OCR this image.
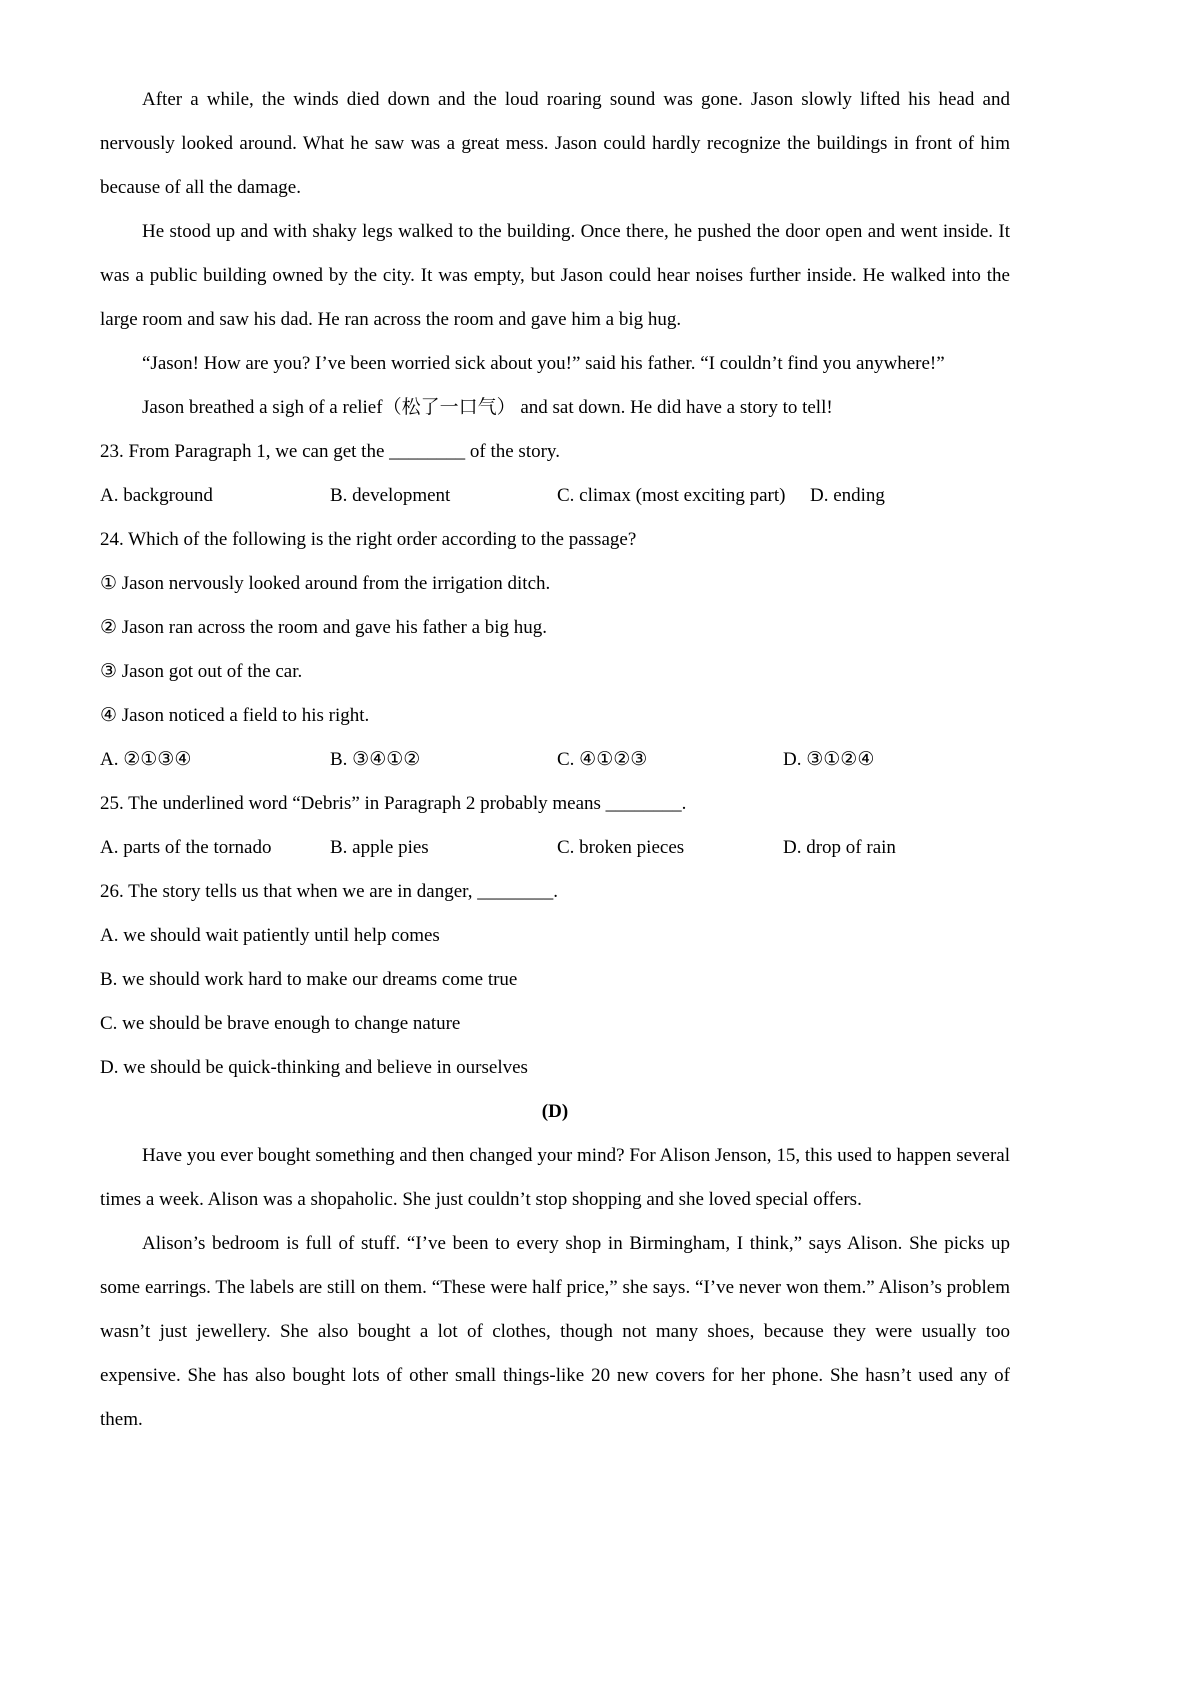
After a while, the winds died down and the loud roaring sound was gone. Jason slowly lifted his head and nervously looked around. What he saw was a great mess. Jason could hardly recognize the buildings in front of him because of all the damage.

He stood up and with shaky legs walked to the building. Once there, he pushed the door open and went inside. It was a public building owned by the city. It was empty, but Jason could hear noises further inside. He walked into the large room and saw his dad. He ran across the room and gave him a big hug.

“Jason! How are you? I’ve been worried sick about you!” said his father. “I couldn’t find you anywhere!”

Jason breathed a sigh of a relief（松了一口气） and sat down. He did have a story to tell!

23. From Paragraph 1, we can get the ________ of the story.

A. background	B. development	C. climax (most exciting part)	D. ending

24. Which of the following is the right order according to the passage?

① Jason nervously looked around from the irrigation ditch.

② Jason ran across the room and gave his father a big hug.

③ Jason got out of the car.

④ Jason noticed a field to his right.

A. ②①③④	B. ③④①②	C. ④①②③	D. ③①②④

25. The underlined word “Debris” in Paragraph 2 probably means ________.

A. parts of the tornado	B. apple pies	C. broken pieces	D. drop of rain

26. The story tells us that when we are in danger, ________.

A. we should wait patiently until help comes

B. we should work hard to make our dreams come true

C. we should be brave enough to change nature

D. we should be quick-thinking and believe in ourselves

(D)

Have you ever bought something and then changed your mind? For Alison Jenson, 15, this used to happen several times a week. Alison was a shopaholic. She just couldn’t stop shopping and she loved special offers.

Alison’s bedroom is full of stuff. “I’ve been to every shop in Birmingham, I think,” says Alison. She picks up some earrings. The labels are still on them. “These were half price,” she says. “I’ve never won them.” Alison’s problem wasn’t just jewellery. She also bought a lot of clothes, though not many shoes, because they were usually too expensive. She has also bought lots of other small things-like 20 new covers for her phone. She hasn’t used any of them.
